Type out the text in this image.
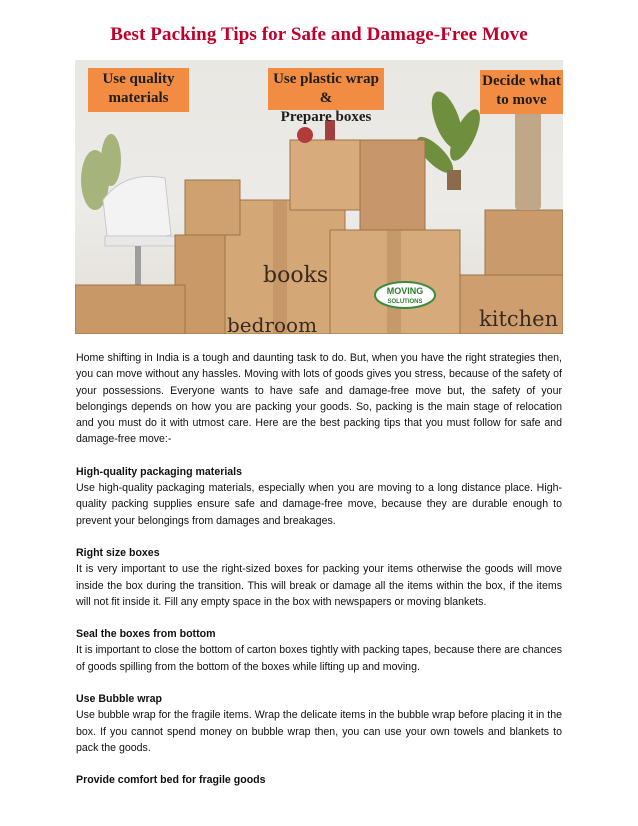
Best Packing Tips for Safe and Damage-Free Move
books
bedroom	kitchen
MOVING
SOLUTIONS
Use quality
materials
Use plastic wrap &
Prepare boxes
Decide what
to move

Home shifting in India is a tough and daunting task to do. But, when you have the right strategies then, you can move without any hassles. Moving with lots of goods gives you stress, because of the safety of your possessions. Everyone wants to have safe and damage-free move but, the safety of your belongings depends on how you are packing your goods. So, packing is the main stage of relocation and you must do it with utmost care. Here are the best packing tips that you must follow for safe and damage-free move:-

High-quality packaging materials

Use high-quality packaging materials, especially when you are moving to a long distance place. High-quality packing supplies ensure safe and damage-free move, because they are durable enough to prevent your belongings from damages and breakages.

Right size boxes

It is very important to use the right-sized boxes for packing your items otherwise the goods will move inside the box during the transition. This will break or damage all the items within the box, if the items will not fit inside it. Fill any empty space in the box with newspapers or moving blankets.

Seal the boxes from bottom

It is important to close the bottom of carton boxes tightly with packing tapes, because there are chances of goods spilling from the bottom of the boxes while lifting up and moving.

Use Bubble wrap

Use bubble wrap for the fragile items. Wrap the delicate items in the bubble wrap before placing it in the box. If you cannot spend money on bubble wrap then, you can use your own towels and blankets to pack the goods.

Provide comfort bed for fragile goods
